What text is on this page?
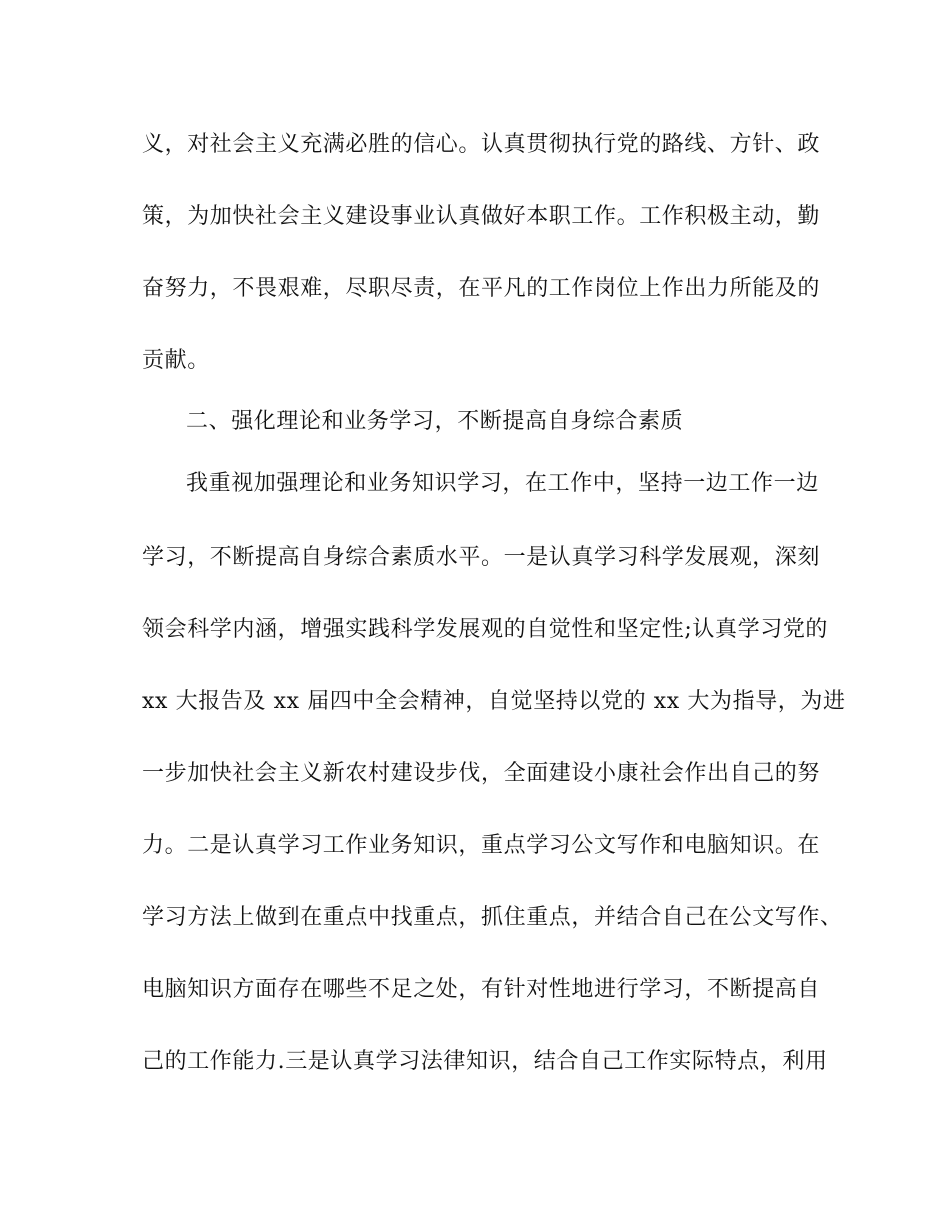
义，对社会主义充满必胜的信心。认真贯彻执行党的路线、方针、政
策，为加快社会主义建设事业认真做好本职工作。工作积极主动，勤
奋努力，不畏艰难，尽职尽责，在平凡的工作岗位上作出力所能及的
贡献。
二、强化理论和业务学习，不断提高自身综合素质
我重视加强理论和业务知识学习，在工作中，坚持一边工作一边
学习，不断提高自身综合素质水平。一是认真学习科学发展观，深刻
领会科学内涵，增强实践科学发展观的自觉性和坚定性;认真学习党的
xx 大报告及 xx 届四中全会精神，自觉坚持以党的 xx 大为指导，为进
一步加快社会主义新农村建设步伐，全面建设小康社会作出自己的努
力。二是认真学习工作业务知识，重点学习公文写作和电脑知识。在
学习方法上做到在重点中找重点，抓住重点，并结合自己在公文写作、
电脑知识方面存在哪些不足之处，有针对性地进行学习，不断提高自
己的工作能力.三是认真学习法律知识，结合自己工作实际特点，利用
